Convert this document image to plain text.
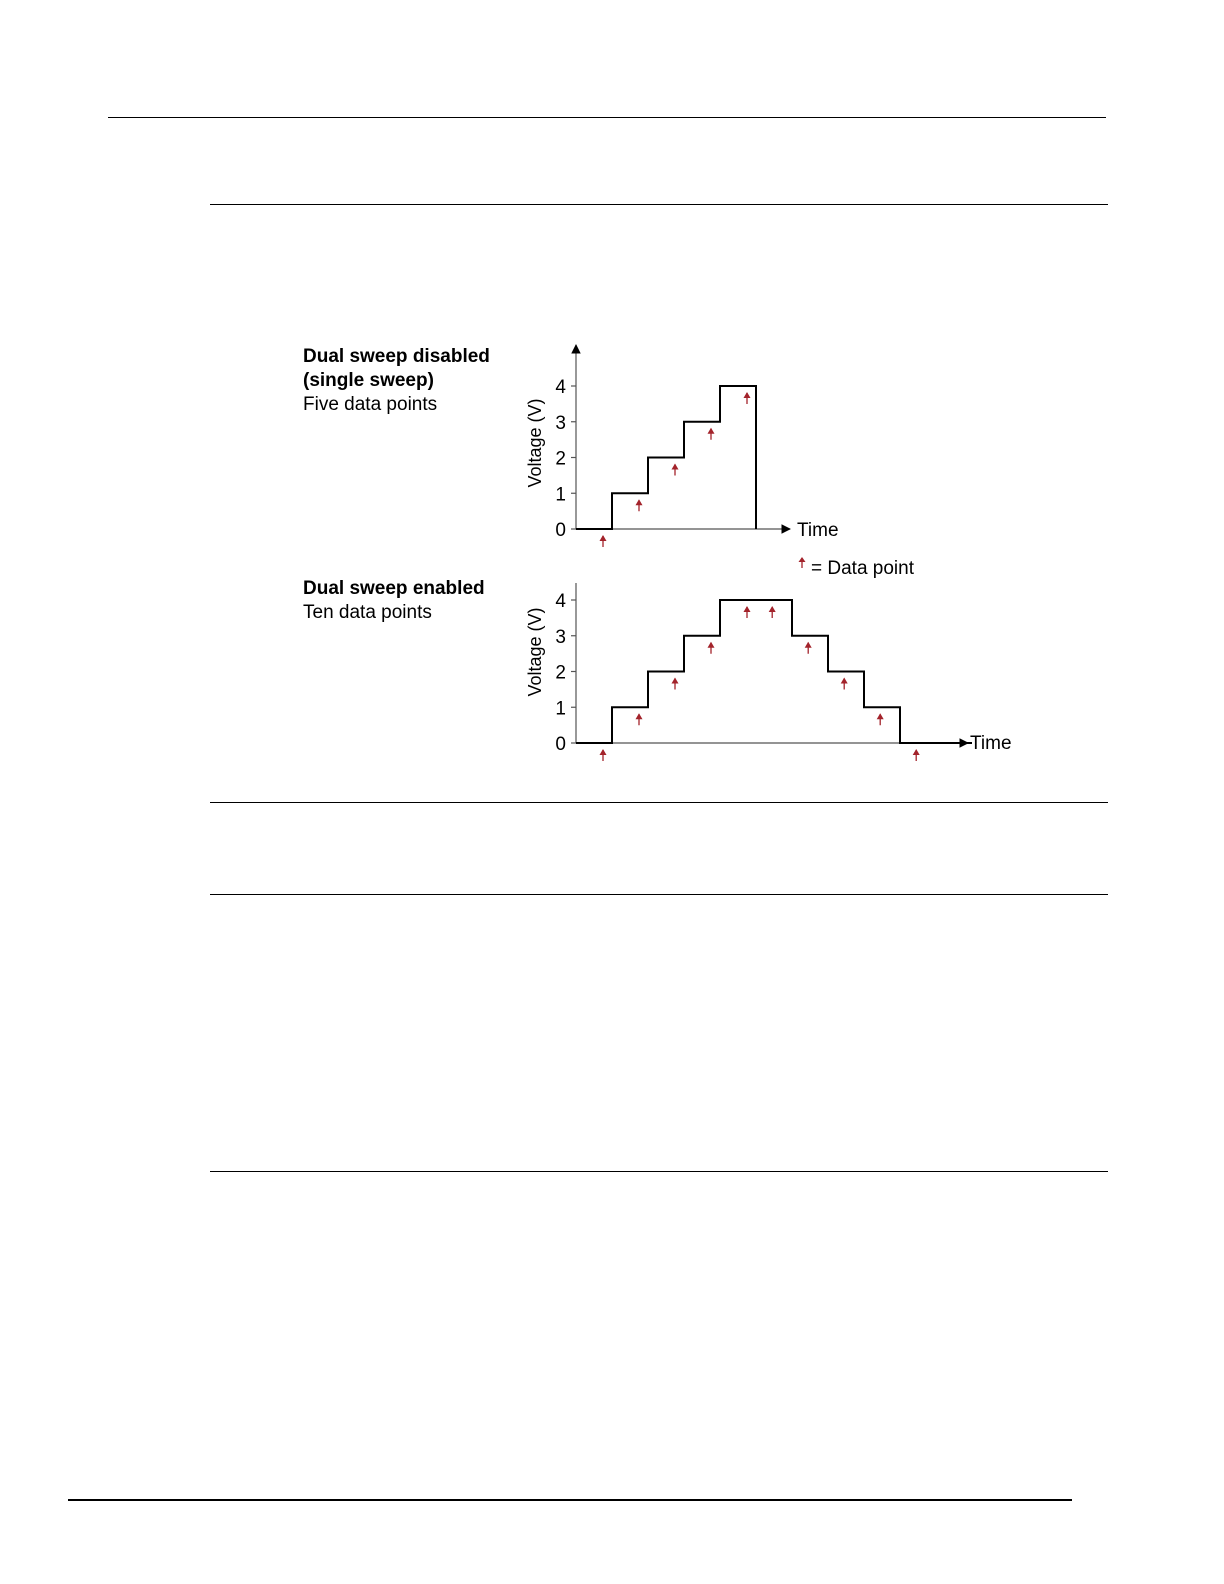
Dual sweep disabled
(single sweep)
Five data points
Dual sweep enabled
Ten data points
0
1
2
3
4
Voltage (V)
Time
= Data point
0
1
2
3
4
Voltage (V)
Time
